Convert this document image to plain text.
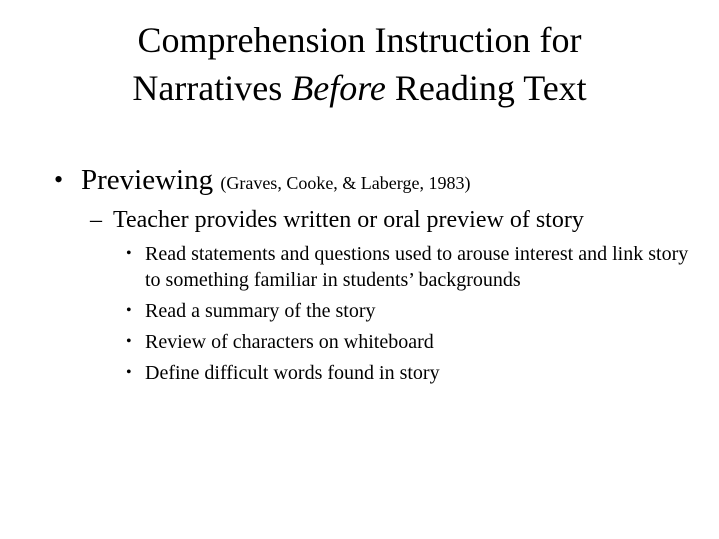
Comprehension Instruction for
Narratives Before Reading Text
• Previewing (Graves, Cooke, & Laberge, 1983)
– Teacher provides written or oral preview of story
• Read statements and questions used to arouse interest and link story to something familiar in students’ backgrounds
• Read a summary of the story
• Review of characters on whiteboard
• Define difficult words found in story
